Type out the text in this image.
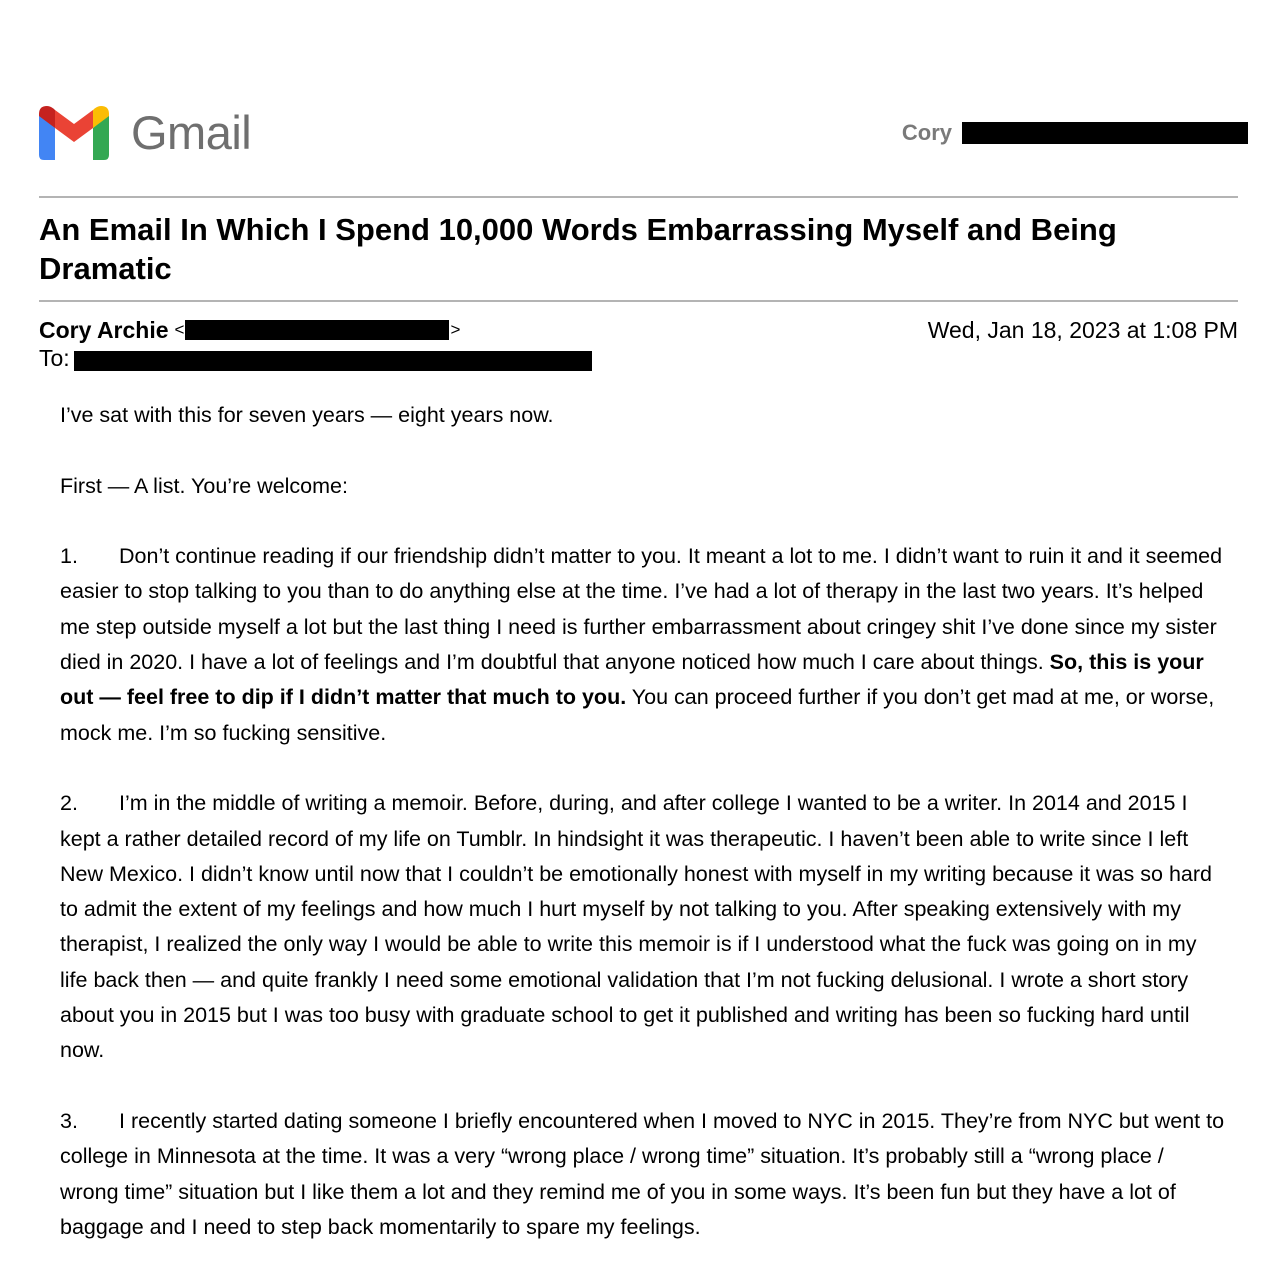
Gmail	Cory
An Email In Which I Spend 10,000 Words Embarrassing Myself and Being Dramatic
Cory Archie <	>	Wed, Jan 18, 2023 at 1:08 PM
To:

I’ve sat with this for seven years — eight years now.

First — A list. You’re welcome:

1. Don’t continue reading if our friendship didn’t matter to you. It meant a lot to me. I didn’t want to ruin it and it seemed easier to stop talking to you than to do anything else at the time. I’ve had a lot of therapy in the last two years. It’s helped me step outside myself a lot but the last thing I need is further embarrassment about cringey shit I’ve done since my sister died in 2020. I have a lot of feelings and I’m doubtful that anyone noticed how much I care about things. So, this is your out — feel free to dip if I didn’t matter that much to you. You can proceed further if you don’t get mad at me, or worse, mock me. I’m so fucking sensitive.

2. I’m in the middle of writing a memoir. Before, during, and after college I wanted to be a writer. In 2014 and 2015 I kept a rather detailed record of my life on Tumblr. In hindsight it was therapeutic. I haven’t been able to write since I left New Mexico. I didn’t know until now that I couldn’t be emotionally honest with myself in my writing because it was so hard to admit the extent of my feelings and how much I hurt myself by not talking to you. After speaking extensively with my therapist, I realized the only way I would be able to write this memoir is if I understood what the fuck was going on in my life back then — and quite frankly I need some emotional validation that I’m not fucking delusional. I wrote a short story about you in 2015 but I was too busy with graduate school to get it published and writing has been so fucking hard until now.

3. I recently started dating someone I briefly encountered when I moved to NYC in 2015. They’re from NYC but went to college in Minnesota at the time. It was a very “wrong place / wrong time” situation. It’s probably still a “wrong place / wrong time” situation but I like them a lot and they remind me of you in some ways. It’s been fun but they have a lot of baggage and I need to step back momentarily to spare my feelings.
